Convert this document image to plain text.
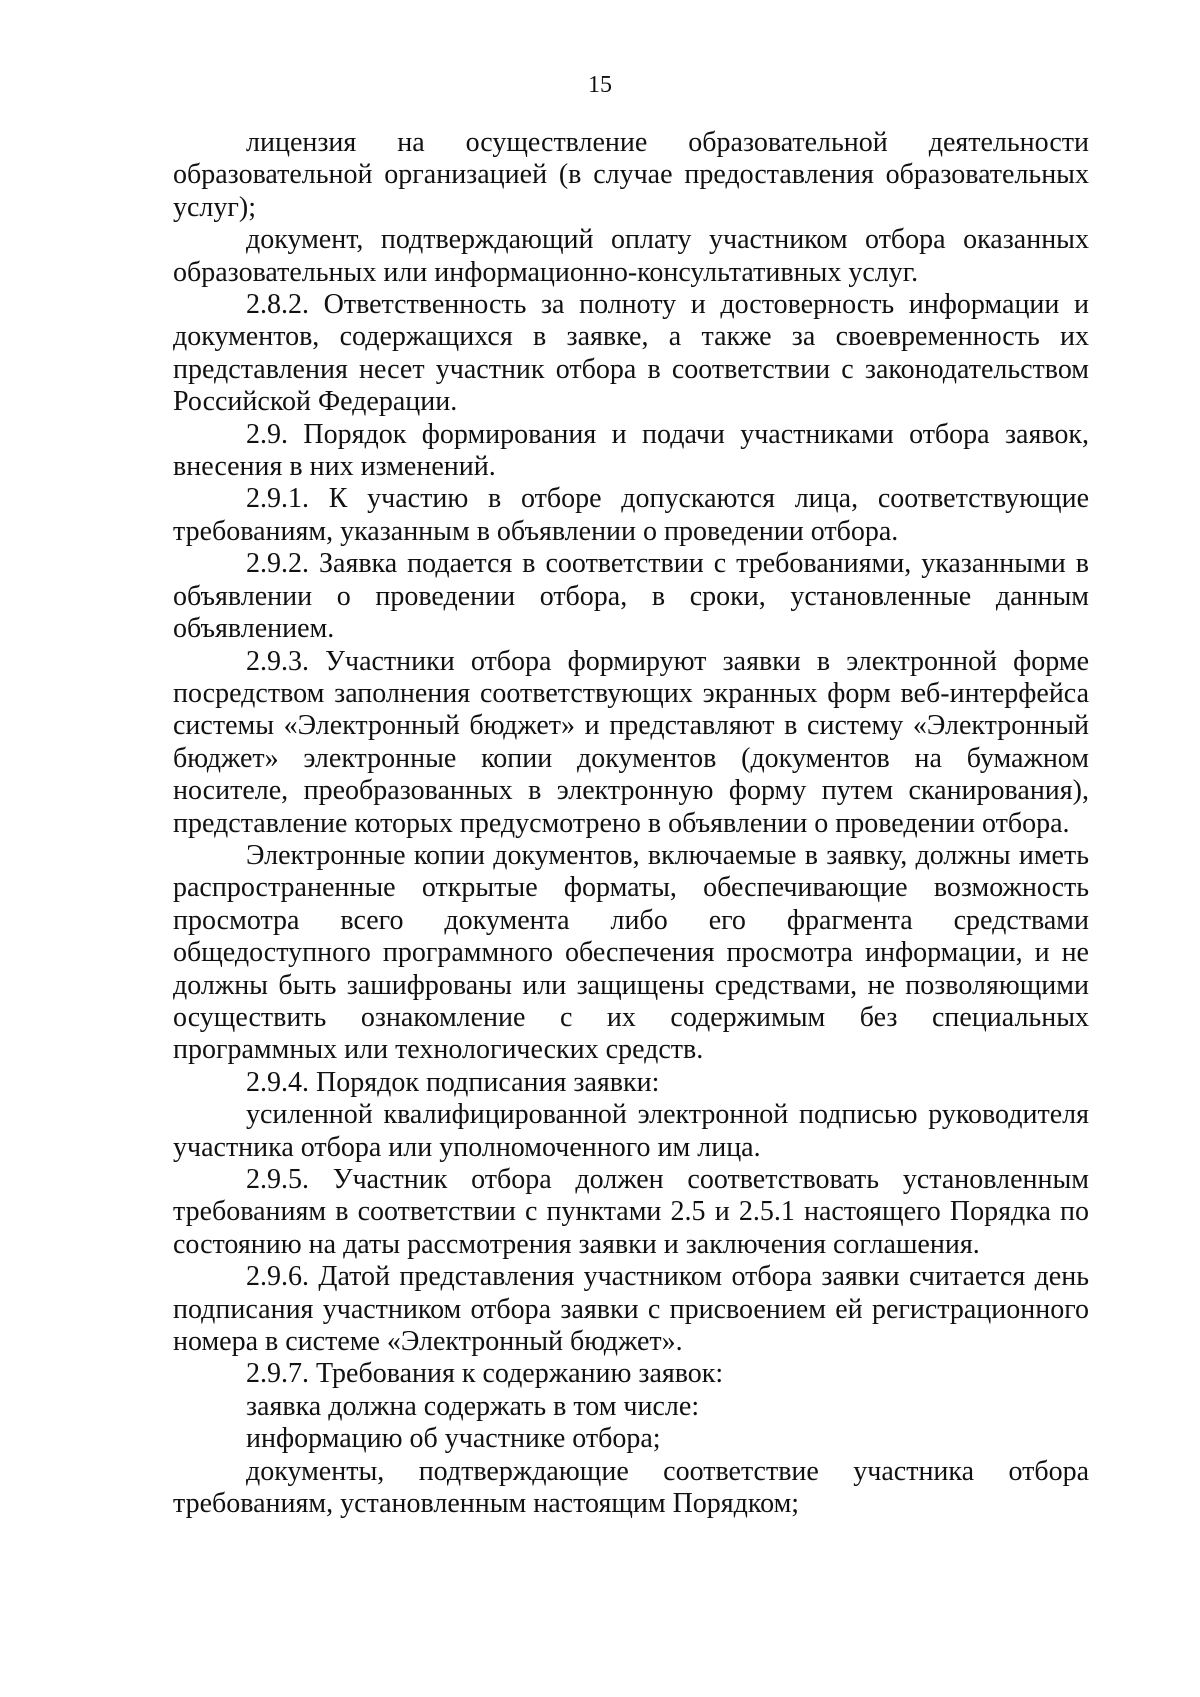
15

лицензия на осуществление образовательной деятельности образовательной организацией (в случае предоставления образовательных услуг);

документ, подтверждающий оплату участником отбора оказанных образовательных или информационно-консультативных услуг.

2.8.2. Ответственность за полноту и достоверность информации и документов, содержащихся в заявке, а также за своевременность их представления несет участник отбора в соответствии с законодательством Российской Федерации.

2.9. Порядок формирования и подачи участниками отбора заявок, внесения в них изменений.

2.9.1. К участию в отборе допускаются лица, соответствующие требованиям, указанным в объявлении о проведении отбора.

2.9.2. Заявка подается в соответствии с требованиями, указанными в объявлении о проведении отбора, в сроки, установленные данным объявлением.

2.9.3. Участники отбора формируют заявки в электронной форме посредством заполнения соответствующих экранных форм веб-интерфейса системы «Электронный бюджет» и представляют в систему «Электронный бюджет» электронные копии документов (документов на бумажном носителе, преобразованных в электронную форму путем сканирования), представление которых предусмотрено в объявлении о проведении отбора.

Электронные копии документов, включаемые в заявку, должны иметь распространенные открытые форматы, обеспечивающие возможность просмотра всего документа либо его фрагмента средствами общедоступного программного обеспечения просмотра информации, и не должны быть зашифрованы или защищены средствами, не позволяющими осуществить ознакомление с их содержимым без специальных программных или технологических средств.

2.9.4. Порядок подписания заявки:

усиленной квалифицированной электронной подписью руководителя участника отбора или уполномоченного им лица.

2.9.5. Участник отбора должен соответствовать установленным требованиям в соответствии с пунктами 2.5 и 2.5.1 настоящего Порядка по состоянию на даты рассмотрения заявки и заключения соглашения.

2.9.6. Датой представления участником отбора заявки считается день подписания участником отбора заявки с присвоением ей регистрационного номера в системе «Электронный бюджет».

2.9.7. Требования к содержанию заявок:

заявка должна содержать в том числе:

информацию об участнике отбора;

документы, подтверждающие соответствие участника отбора требованиям, установленным настоящим Порядком;
